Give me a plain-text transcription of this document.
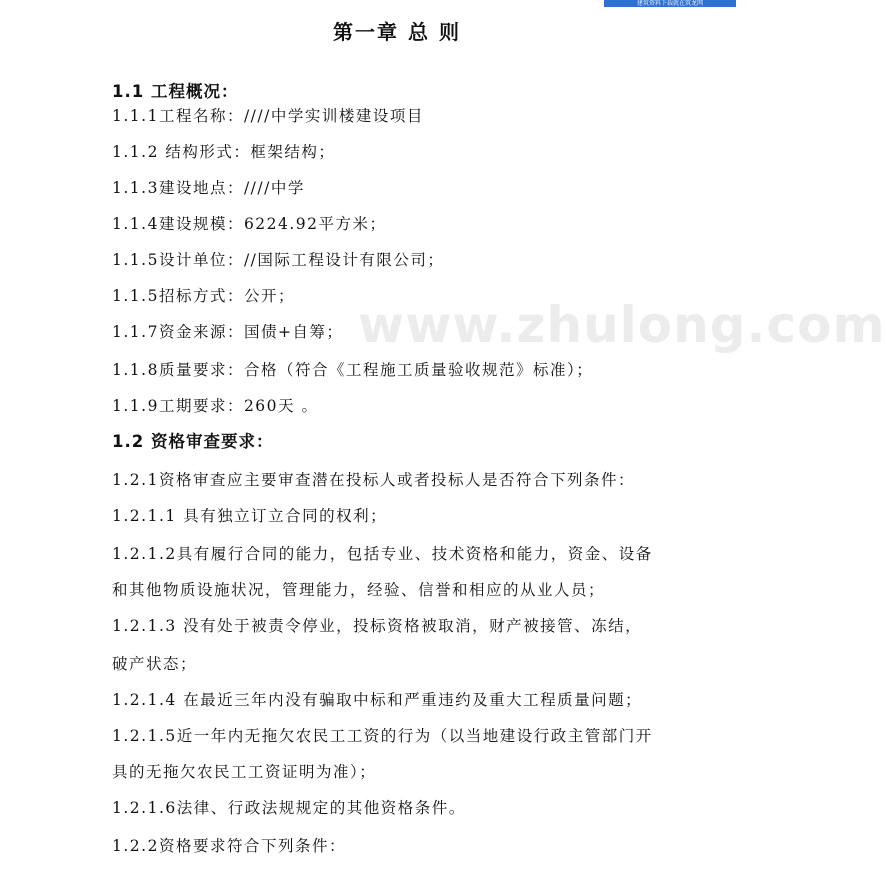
建筑资料下载就在筑龙网
www.zhulong.com
第一章 总 则
1.1 工程概况：
1.1.1工程名称：////中学实训楼建设项目
1.1.2 结构形式：框架结构；
1.1.3建设地点：////中学
1.1.4建设规模：6224.92平方米；
1.1.5设计单位：//国际工程设计有限公司；
1.1.5招标方式：公开；
1.1.7资金来源：国债+自筹；
1.1.8质量要求：合格（符合《工程施工质量验收规范》标准）；
1.1.9工期要求：260天 。
1.2 资格审查要求：
1.2.1资格审查应主要审查潜在投标人或者投标人是否符合下列条件：
1.2.1.1 具有独立订立合同的权利；
1.2.1.2具有履行合同的能力，包括专业、技术资格和能力，资金、设备
和其他物质设施状况，管理能力，经验、信誉和相应的从业人员；
1.2.1.3 没有处于被责令停业，投标资格被取消，财产被接管、冻结，
破产状态；
1.2.1.4 在最近三年内没有骗取中标和严重违约及重大工程质量问题；
1.2.1.5近一年内无拖欠农民工工资的行为（以当地建设行政主管部门开
具的无拖欠农民工工资证明为准）；
1.2.1.6法律、行政法规规定的其他资格条件。
1.2.2资格要求符合下列条件：
